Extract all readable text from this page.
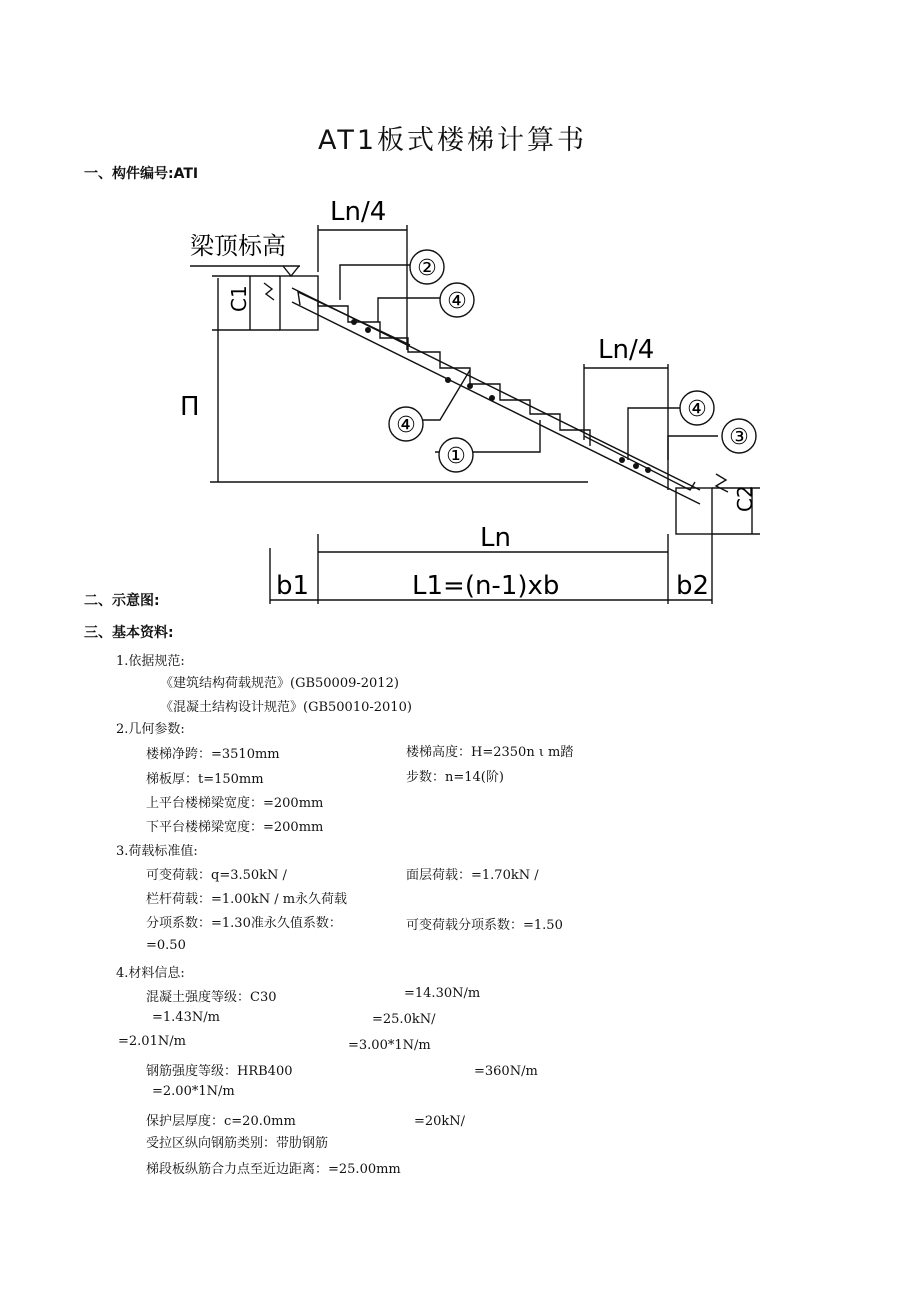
AT1板式楼梯计算书
一、构件编号:ATI
Ln/4
梁顶标高
C1
П
②
④
④
①
④
③
Ln/4
C2
Ln
b1	L1=(n-1)xb	b2
二、示意图:
三、基本资料:
1.依据规范:
《建筑结构荷载规范》(GB50009-2012)
《混凝土结构设计规范》(GB50010-2010)
2.几何参数:
楼梯净跨：=3510mm	楼梯高度：H=2350n ι m踏
梯板厚：t=150mm	步数：n=14(阶)
上平台楼梯梁宽度：=200mm
下平台楼梯梁宽度：=200mm
3.荷载标准值:
可变荷载：q=3.50kN /	面层荷载：=1.70kN /
栏杆荷载：=1.00kN / m永久荷载
分项系数：=1.30准永久值系数：	可变荷载分项系数：=1.50
=0.50
4.材料信息:
混凝土强度等级：C30	=14.30N/m
=1.43N/m	=25.0kN/
=2.01N/m	=3.00*1N/m
钢筋强度等级：HRB400	=360N/m
=2.00*1N/m
保护层厚度：c=20.0mm	=20kN/
受拉区纵向钢筋类别：带肋钢筋
梯段板纵筋合力点至近边距离：=25.00mm
